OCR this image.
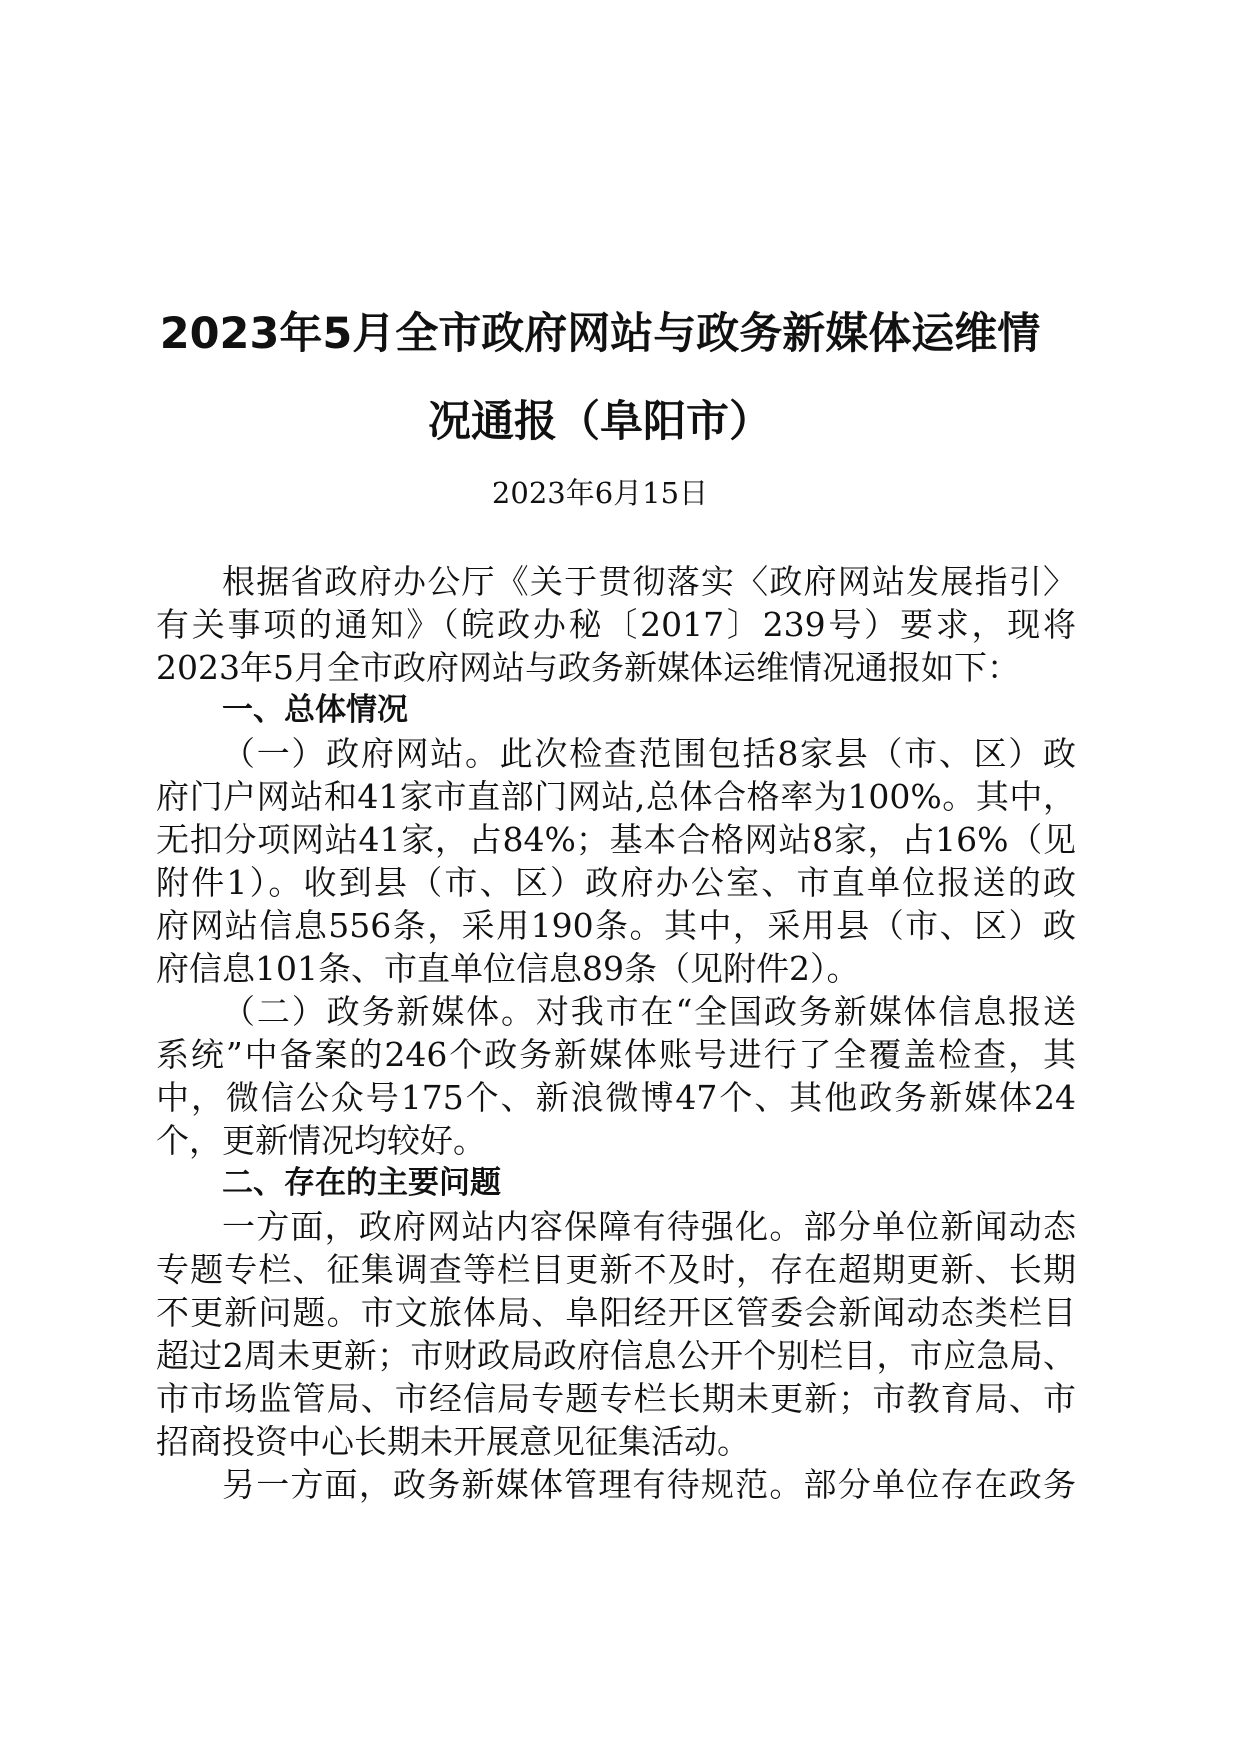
2023年5月全市政府网站与政务新媒体运维情
况通报（阜阳市）

2023年6月15日

根据省政府办公厅《关于贯彻落实〈政府网站发展指引〉
有关事项的通知》（皖政办秘〔2017〕239号）要求，现将
2023年5月全市政府网站与政务新媒体运维情况通报如下：
一、总体情况
（一）政府网站。此次检查范围包括8家县（市、区）政
府门户网站和41家市直部门网站,总体合格率为100%。其中，
无扣分项网站41家，占84%；基本合格网站8家，占16%（见
附件1）。收到县（市、区）政府办公室、市直单位报送的政
府网站信息556条，采用190条。其中，采用县（市、区）政
府信息101条、市直单位信息89条（见附件2）。
（二）政务新媒体。对我市在“全国政务新媒体信息报送
系统”中备案的246个政务新媒体账号进行了全覆盖检查，其
中，微信公众号175个、新浪微博47个、其他政务新媒体24
个，更新情况均较好。
二、存在的主要问题
一方面，政府网站内容保障有待强化。部分单位新闻动态
专题专栏、征集调查等栏目更新不及时，存在超期更新、长期
不更新问题。市文旅体局、阜阳经开区管委会新闻动态类栏目
超过2周未更新；市财政局政府信息公开个别栏目，市应急局、
市市场监管局、市经信局专题专栏长期未更新；市教育局、市
招商投资中心长期未开展意见征集活动。
另一方面，政务新媒体管理有待规范。部分单位存在政务
